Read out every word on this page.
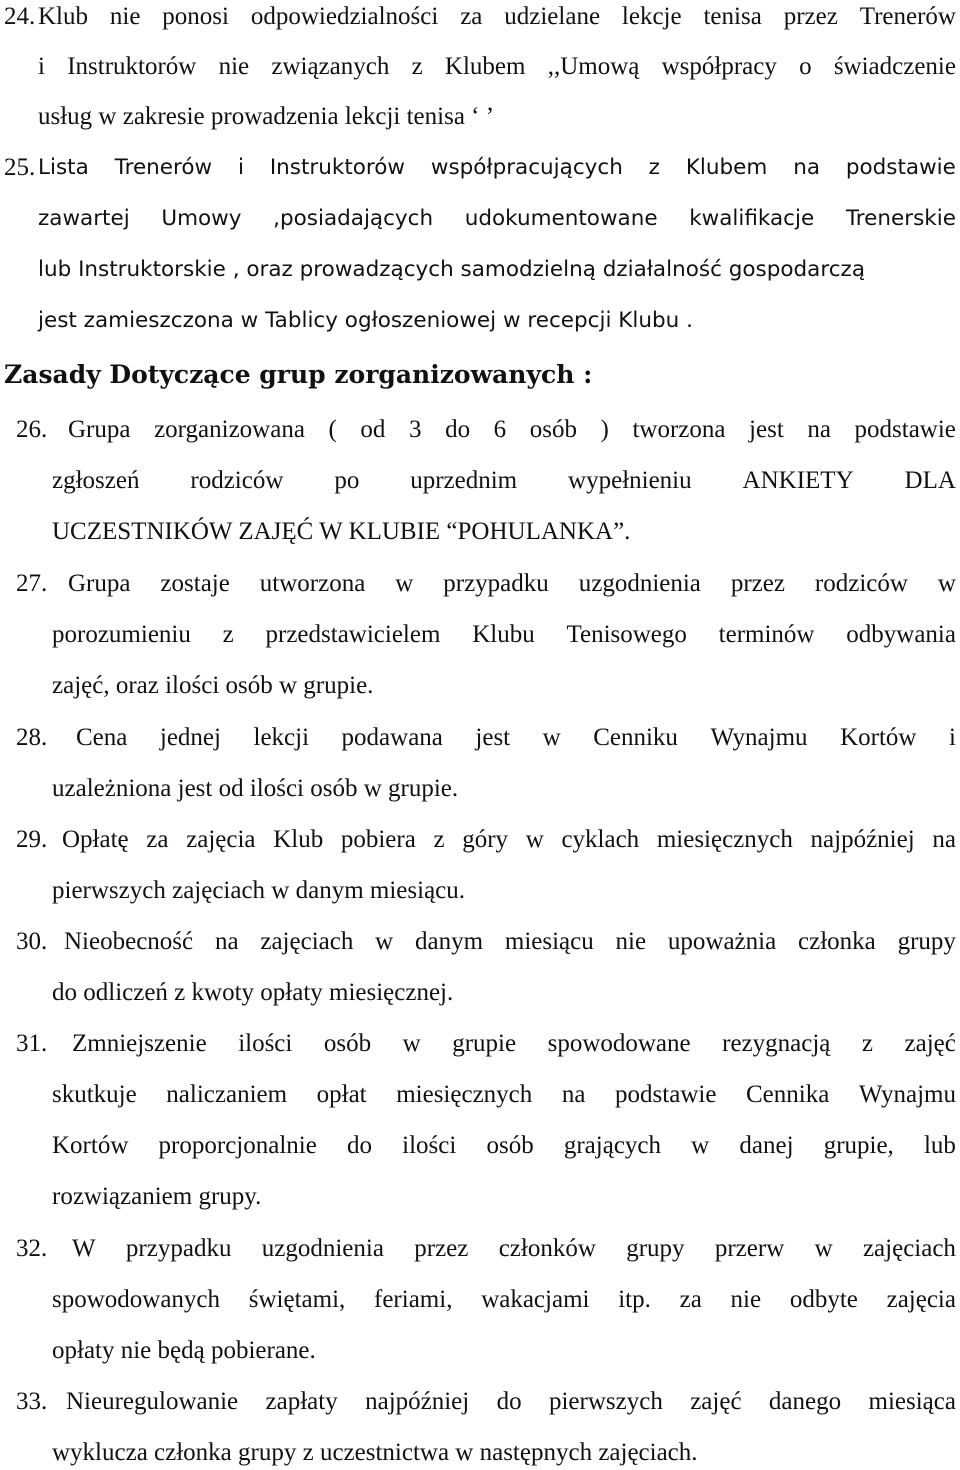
24. Klub nie ponosi odpowiedzialności za udzielane lekcje tenisa przez Trenerów
i Instruktorów nie związanych z Klubem ,,Umową współpracy o świadczenie
usług w zakresie prowadzenia lekcji tenisa ‘ ’
25. Lista Trenerów i Instruktorów współpracujących z Klubem na podstawie
zawartej Umowy ,posiadających udokumentowane kwalifikacje Trenerskie
lub Instruktorskie , oraz prowadzących samodzielną działalność gospodarczą
jest zamieszczona w Tablicy ogłoszeniowej w recepcji Klubu .
Zasady Dotyczące grup zorganizowanych :
26. Grupa zorganizowana ( od 3 do 6 osób ) tworzona jest na podstawie
zgłoszeń rodziców po uprzednim wypełnieniu ANKIETY DLA
UCZESTNIKÓW ZAJĘĆ W KLUBIE “POHULANKA”.
27. Grupa zostaje utworzona w przypadku uzgodnienia przez rodziców w
porozumieniu z przedstawicielem Klubu Tenisowego terminów odbywania
zajęć, oraz ilości osób w grupie.
28. Cena jednej lekcji podawana jest w Cenniku Wynajmu Kortów i
uzależniona jest od ilości osób w grupie.
29. Opłatę za zajęcia Klub pobiera z góry w cyklach miesięcznych najpóźniej na
pierwszych zajęciach w danym miesiącu.
30. Nieobecność na zajęciach w danym miesiącu nie upoważnia członka grupy
do odliczeń z kwoty opłaty miesięcznej.
31. Zmniejszenie ilości osób w grupie spowodowane rezygnacją z zajęć
skutkuje naliczaniem opłat miesięcznych na podstawie Cennika Wynajmu
Kortów proporcjonalnie do ilości osób grających w danej grupie, lub
rozwiązaniem grupy.
32. W przypadku uzgodnienia przez członków grupy przerw w zajęciach
spowodowanych świętami, feriami, wakacjami itp. za nie odbyte zajęcia
opłaty nie będą pobierane.
33. Nieuregulowanie zapłaty najpóźniej do pierwszych zajęć danego miesiąca
wyklucza członka grupy z uczestnictwa w następnych zajęciach.
